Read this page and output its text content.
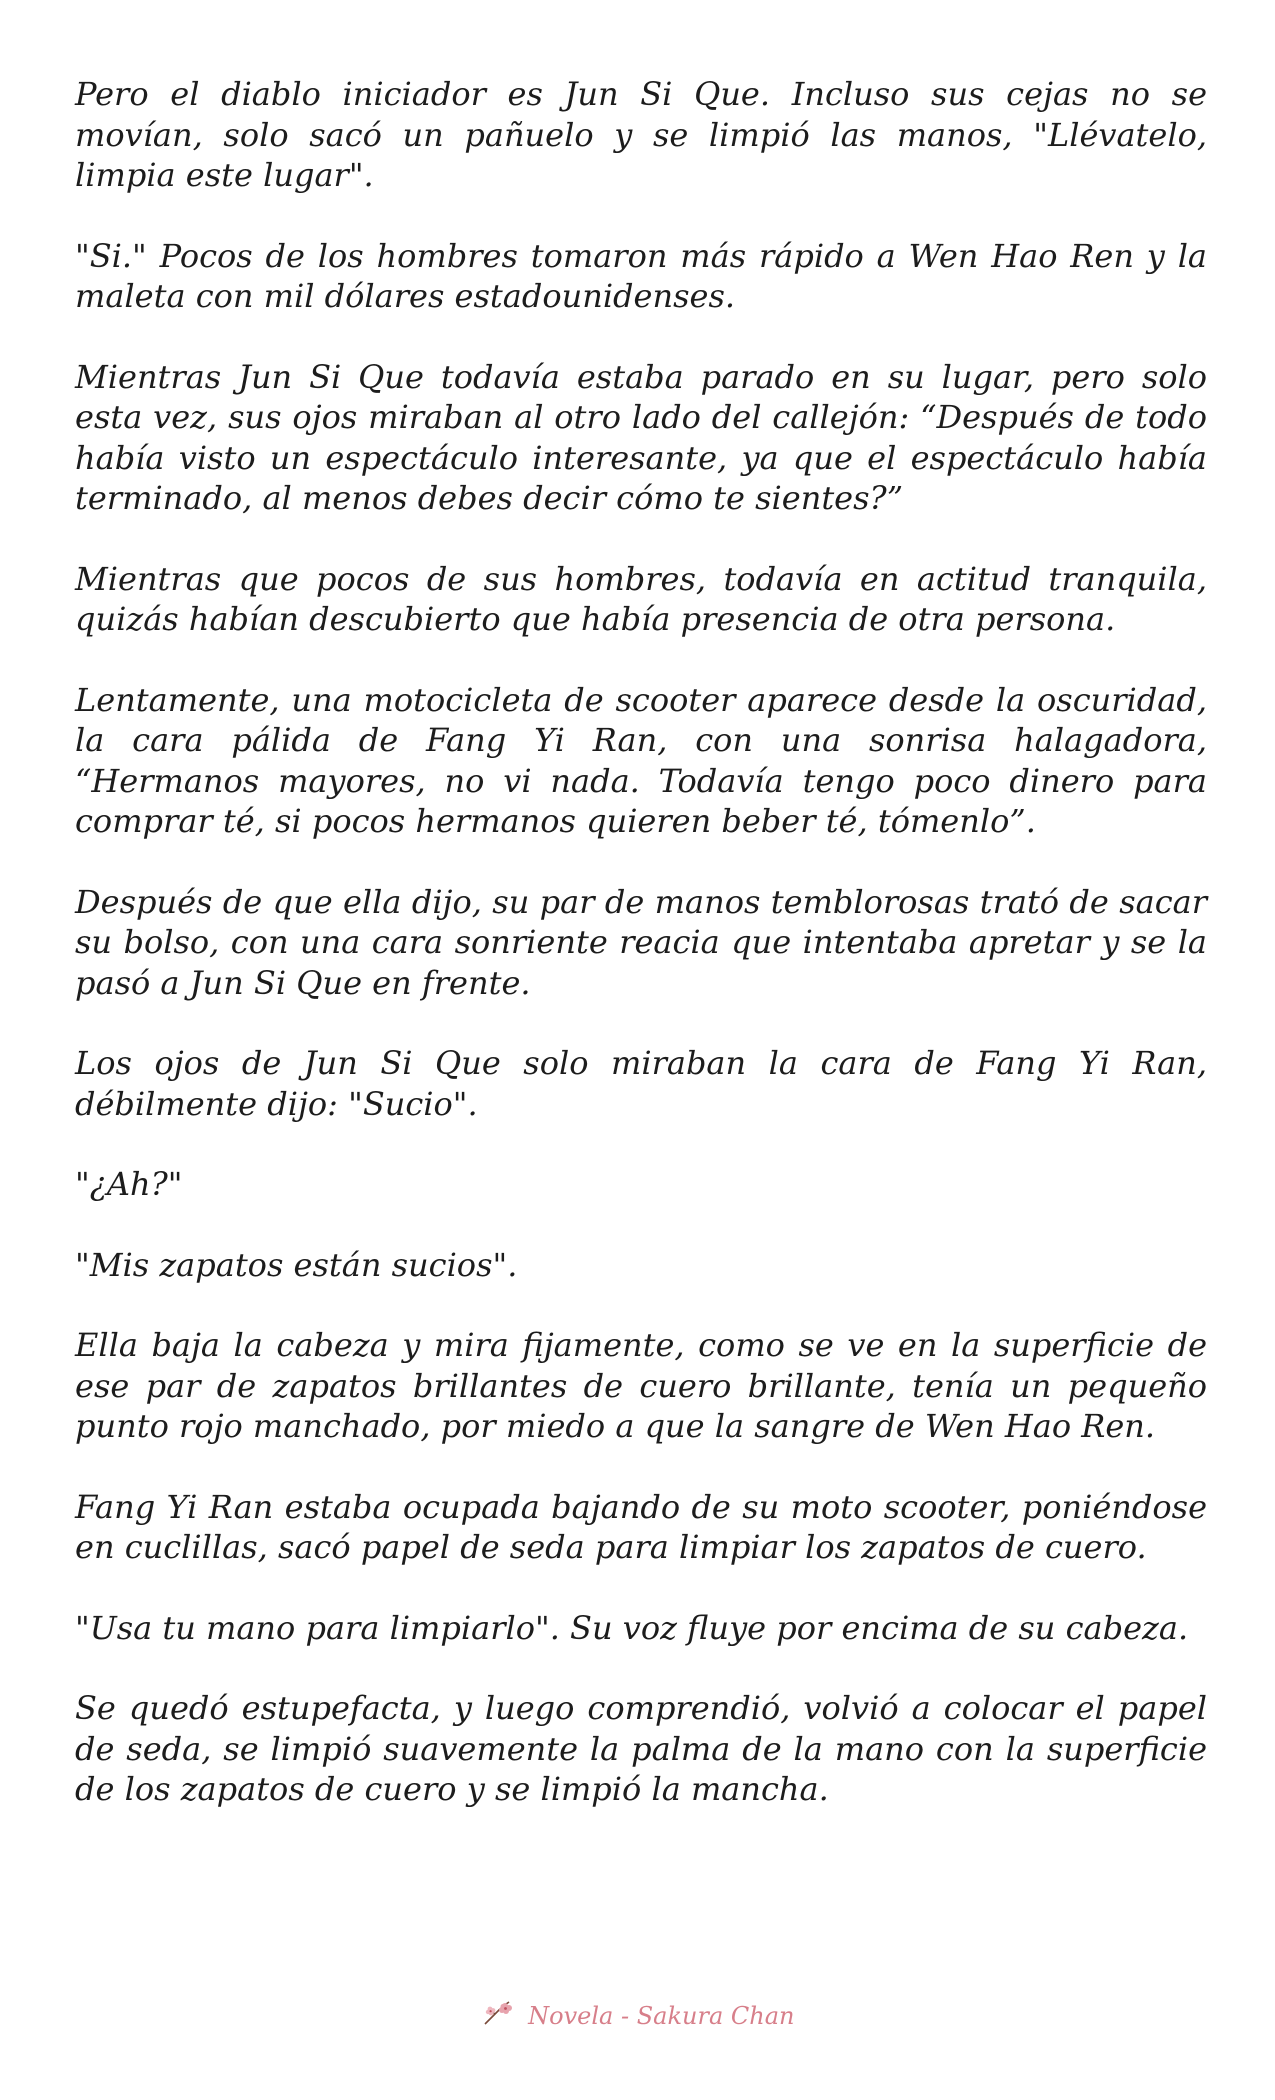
Pero el diablo iniciador es Jun Si Que. Incluso sus cejas no se movían, solo sacó un pañuelo y se limpió las manos, "Llévatelo, limpia este lugar".

"Si." Pocos de los hombres tomaron más rápido a Wen Hao Ren y la maleta con mil dólares estadounidenses.

Mientras Jun Si Que todavía estaba parado en su lugar, pero solo esta vez, sus ojos miraban al otro lado del callejón: “Después de todo había visto un espectáculo interesante, ya que el espectáculo había terminado, al menos debes decir cómo te sientes?”

Mientras que pocos de sus hombres, todavía en actitud tranquila, quizás habían descubierto que había presencia de otra persona.

Lentamente, una motocicleta de scooter aparece desde la oscuridad, la cara pálida de Fang Yi Ran, con una sonrisa halagadora, “Hermanos mayores, no vi nada. Todavía tengo poco dinero para comprar té, si pocos hermanos quieren beber té, tómenlo”.

Después de que ella dijo, su par de manos temblorosas trató de sacar su bolso, con una cara sonriente reacia que intentaba apretar y se la pasó a Jun Si Que en frente.

Los ojos de Jun Si Que solo miraban la cara de Fang Yi Ran, débilmente dijo: "Sucio".

"¿Ah?"

"Mis zapatos están sucios".

Ella baja la cabeza y mira fijamente, como se ve en la superficie de ese par de zapatos brillantes de cuero brillante, tenía un pequeño punto rojo manchado, por miedo a que la sangre de Wen Hao Ren.

Fang Yi Ran estaba ocupada bajando de su moto scooter, poniéndose en cuclillas, sacó papel de seda para limpiar los zapatos de cuero.

"Usa tu mano para limpiarlo". Su voz fluye por encima de su cabeza.

Se quedó estupefacta, y luego comprendió, volvió a colocar el papel de seda, se limpió suavemente la palma de la mano con la superficie de los zapatos de cuero y se limpió la mancha.

Novela - Sakura Chan
